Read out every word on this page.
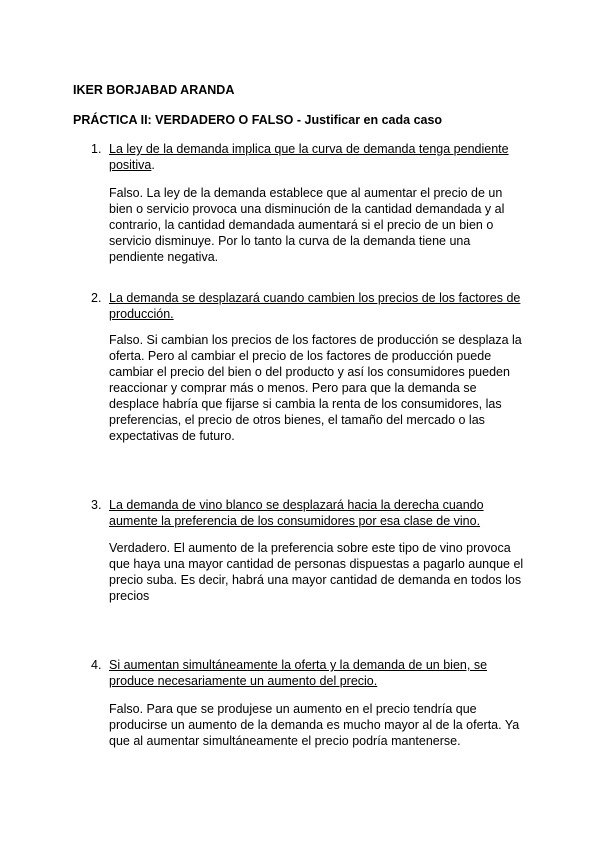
IKER BORJABAD ARANDA

PRÁCTICA II: VERDADERO O FALSO - Justificar en cada caso

1. La ley de la demanda implica que la curva de demanda tenga pendiente positiva.

Falso. La ley de la demanda establece que al aumentar el precio de un bien o servicio provoca una disminución de la cantidad demandada y al contrario, la cantidad demandada aumentará si el precio de un bien o servicio disminuye. Por lo tanto la curva de la demanda tiene una pendiente negativa.

2. La demanda se desplazará cuando cambien los precios de los factores de producción.

Falso. Si cambian los precios de los factores de producción se desplaza la oferta. Pero al cambiar el precio de los factores de producción puede cambiar el precio del bien o del producto y así los consumidores pueden reaccionar y comprar más o menos. Pero para que la demanda se desplace habría que fijarse si cambia la renta de los consumidores, las preferencias, el precio de otros bienes, el tamaño del mercado o las expectativas de futuro.

3. La demanda de vino blanco se desplazará hacia la derecha cuando aumente la preferencia de los consumidores por esa clase de vino.

Verdadero. El aumento de la preferencia sobre este tipo de vino provoca que haya una mayor cantidad de personas dispuestas a pagarlo aunque el precio suba. Es decir, habrá una mayor cantidad de demanda en todos los precios

4. Si aumentan simultáneamente la oferta y la demanda de un bien, se produce necesariamente un aumento del precio.

Falso. Para que se produjese un aumento en el precio tendría que producirse un aumento de la demanda es mucho mayor al de la oferta. Ya que al aumentar simultáneamente el precio podría mantenerse.
